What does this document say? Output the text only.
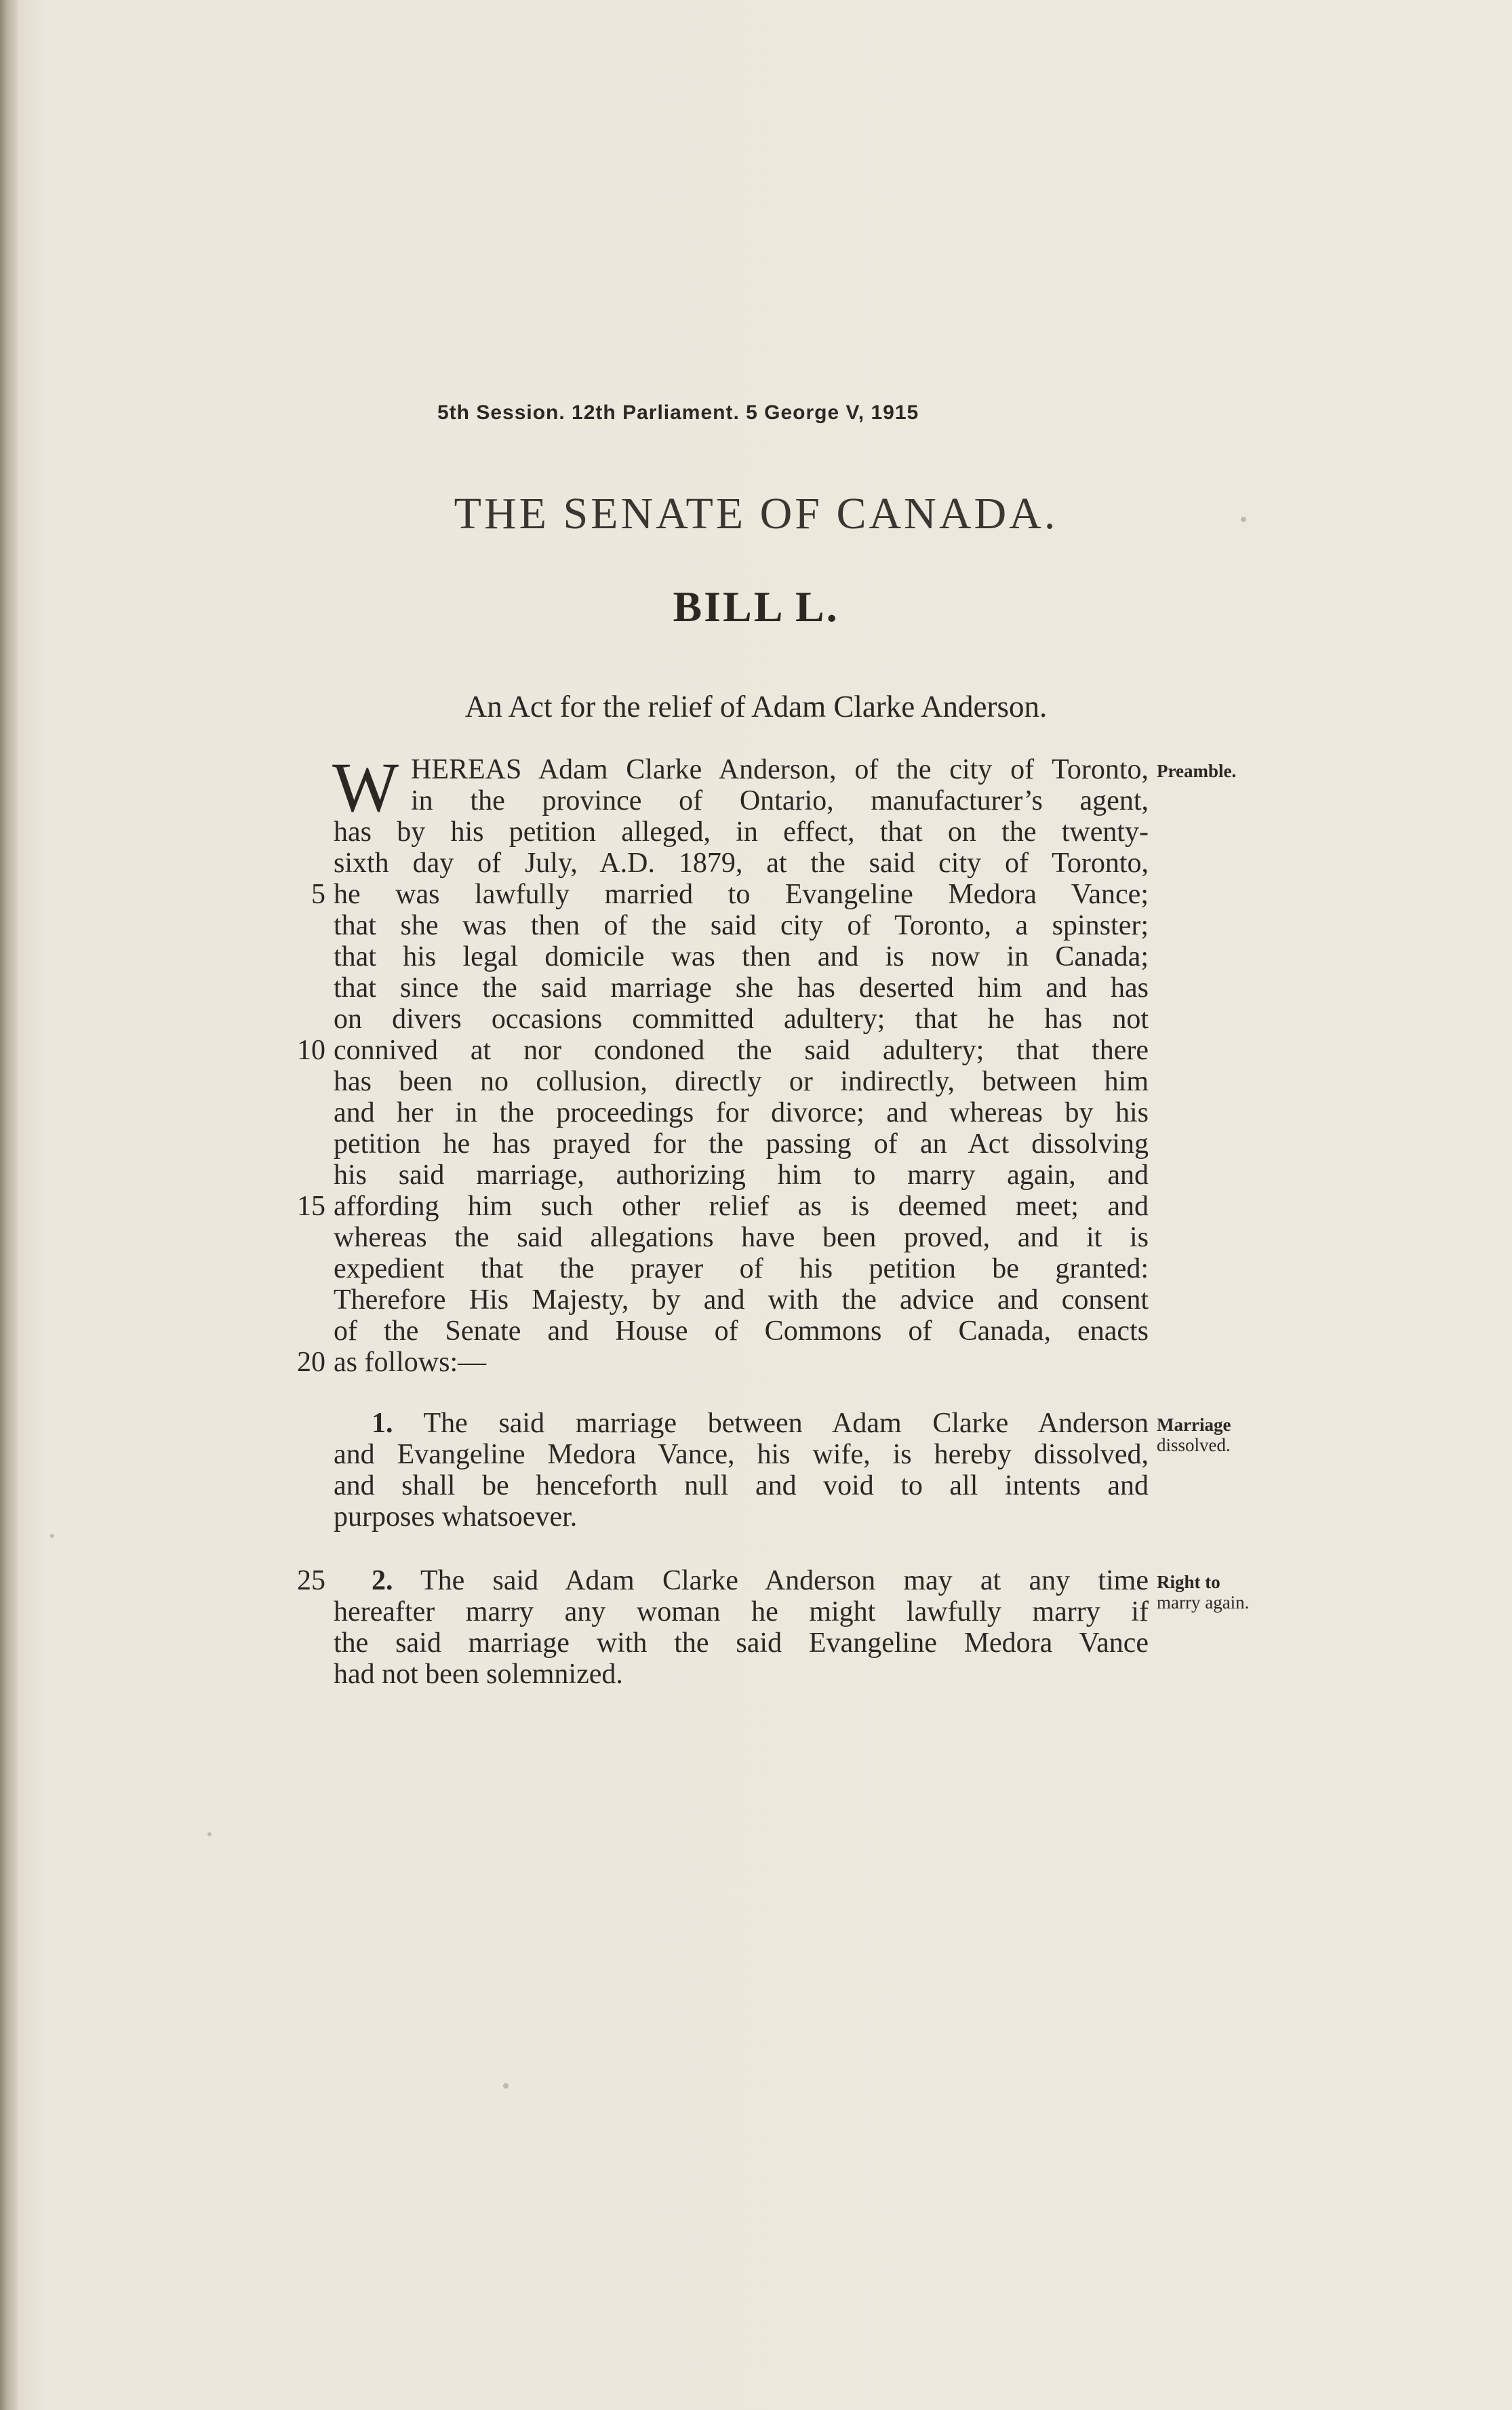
5th Session. 12th Parliament. 5 George V, 1915
THE SENATE OF CANADA.
BILL L.
An Act for the relief of Adam Clarke Anderson.
W HEREAS Adam Clarke Anderson, of the city of Toronto,
in the province of Ontario, manufacturer’s agent,
has by his petition alleged, in effect, that on the twenty-
sixth day of July, A.D. 1879, at the said city of Toronto,
he was lawfully married to Evangeline Medora Vance;
that she was then of the said city of Toronto, a spinster;
that his legal domicile was then and is now in Canada;
that since the said marriage she has deserted him and has
on divers occasions committed adultery; that he has not
connived at nor condoned the said adultery; that there
has been no collusion, directly or indirectly, between him
and her in the proceedings for divorce; and whereas by his
petition he has prayed for the passing of an Act dissolving
his said marriage, authorizing him to marry again, and
affording him such other relief as is deemed meet; and
whereas the said allegations have been proved, and it is
expedient that the prayer of his petition be granted:
Therefore His Majesty, by and with the advice and consent
of the Senate and House of Commons of Canada, enacts
as follows:—
1. The said marriage between Adam Clarke Anderson
and Evangeline Medora Vance, his wife, is hereby dissolved,
and shall be henceforth null and void to all intents and
purposes whatsoever.
2. The said Adam Clarke Anderson may at any time
hereafter marry any woman he might lawfully marry if
the said marriage with the said Evangeline Medora Vance
had not been solemnized.
5
10
15
20
25
Preamble.
Marriage
dissolved.
Right to
marry again.
